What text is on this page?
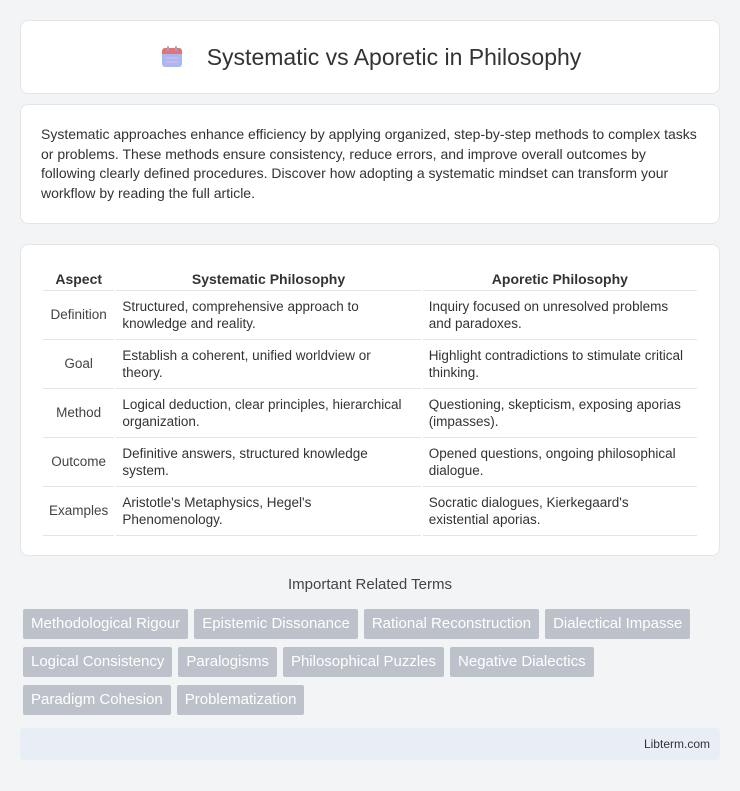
Systematic vs Aporetic in Philosophy

Systematic approaches enhance efficiency by applying organized, step-by-step methods to complex tasks or problems. These methods ensure consistency, reduce errors, and improve overall outcomes by following clearly defined procedures. Discover how adopting a systematic mindset can transform your workflow by reading the full article.

Aspect	Systematic Philosophy	Aporetic Philosophy
Definition	Structured, comprehensive approach to knowledge and reality.	Inquiry focused on unresolved problems and paradoxes.
Goal	Establish a coherent, unified worldview or theory.	Highlight contradictions to stimulate critical thinking.
Method	Logical deduction, clear principles, hierarchical organization.	Questioning, skepticism, exposing aporias (impasses).
Outcome	Definitive answers, structured knowledge system.	Opened questions, ongoing philosophical dialogue.
Examples	Aristotle's Metaphysics, Hegel's Phenomenology.	Socratic dialogues, Kierkegaard's existential aporias.
Important Related Terms
Methodological Rigour	Epistemic Dissonance	Rational Reconstruction	Dialectical Impasse
Logical Consistency	Paralogisms	Philosophical Puzzles	Negative Dialectics
Paradigm Cohesion	Problematization
Libterm.com
